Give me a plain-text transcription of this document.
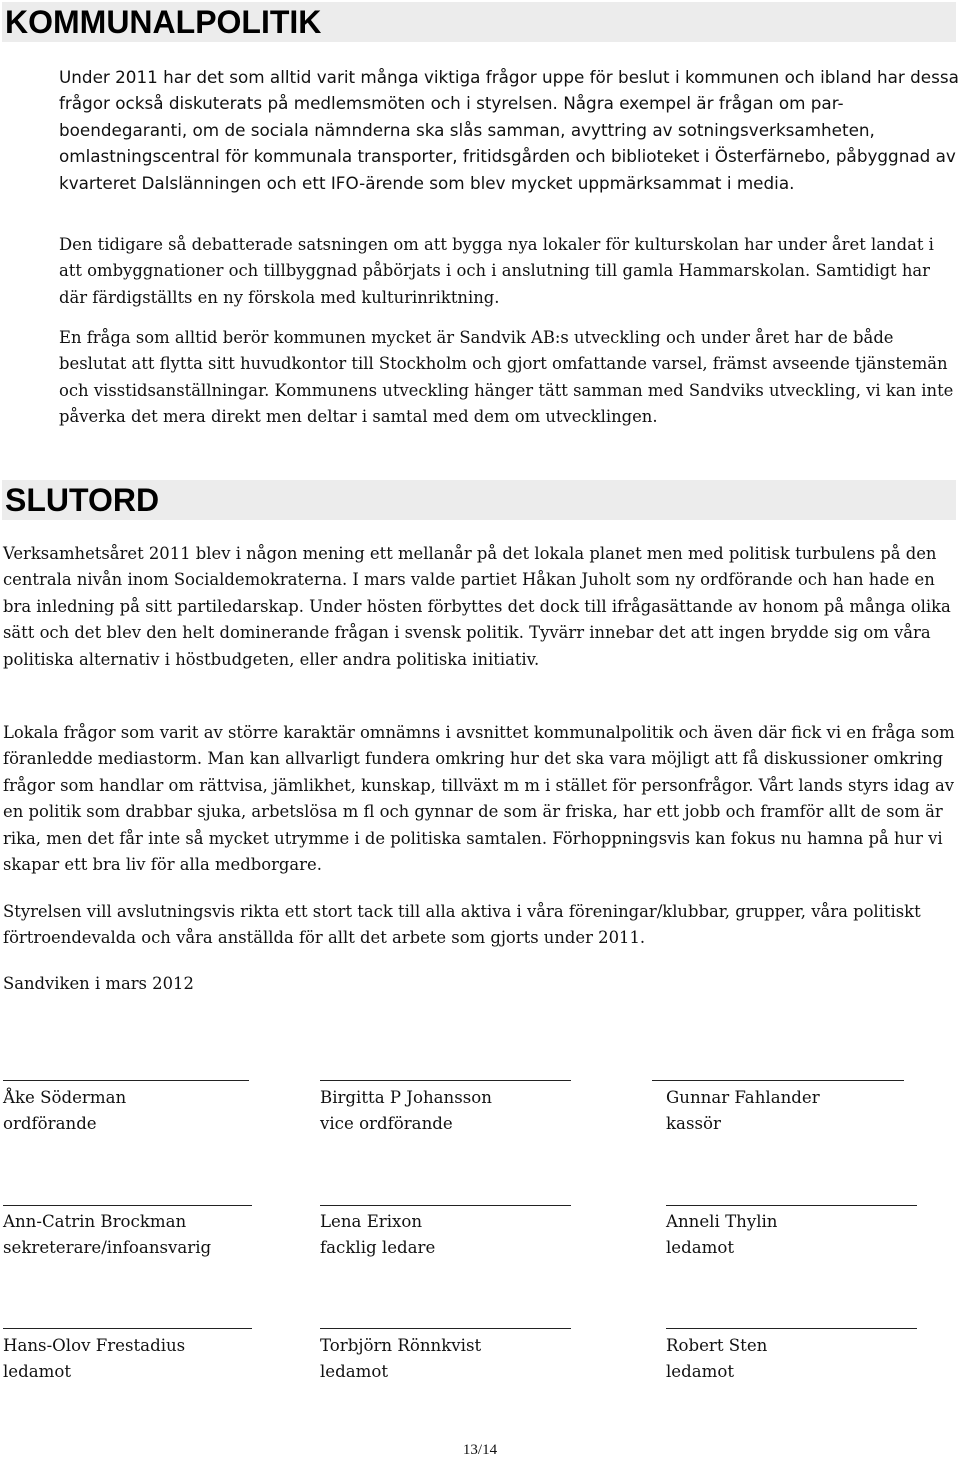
KOMMUNALPOLITIK

Under 2011 har det som alltid varit många viktiga frågor uppe för beslut i kommunen och ibland har dessa frågor också diskuterats på medlemsmöten och i styrelsen. Några exempel är frågan om par-boendegaranti, om de sociala nämnderna ska slås samman, avyttring av sotningsverksamheten, omlastningscentral för kommunala transporter, fritidsgården och biblioteket i Österfärnebo, påbyggnad av kvarteret Dalslänningen och ett IFO-ärende som blev mycket uppmärksammat i media.

Den tidigare så debatterade satsningen om att bygga nya lokaler för kulturskolan har under året landat i att ombyggnationer och tillbyggnad påbörjats i och i anslutning till gamla Hammarskolan. Samtidigt har där färdigställts en ny förskola med kulturinriktning.

En fråga som alltid berör kommunen mycket är Sandvik AB:s utveckling och under året har de både beslutat att flytta sitt huvudkontor till Stockholm och gjort omfattande varsel, främst avseende tjänstemän och visstidsanställningar. Kommunens utveckling hänger tätt samman med Sandviks utveckling, vi kan inte påverka det mera direkt men deltar i samtal med dem om utvecklingen.

SLUTORD

Verksamhetsåret 2011 blev i någon mening ett mellanår på det lokala planet men med politisk turbulens på den centrala nivån inom Socialdemokraterna. I mars valde partiet Håkan Juholt som ny ordförande och han hade en bra inledning på sitt partiledarskap. Under hösten förbyttes det dock till ifrågasättande av honom på många olika sätt och det blev den helt dominerande frågan i svensk politik. Tyvärr innebar det att ingen brydde sig om våra politiska alternativ i höstbudgeten, eller andra politiska initiativ.

Lokala frågor som varit av större karaktär omnämns i avsnittet kommunalpolitik och även där fick vi en fråga som föranledde mediastorm. Man kan allvarligt fundera omkring hur det ska vara möjligt att få diskussioner omkring frågor som handlar om rättvisa, jämlikhet, kunskap, tillväxt m m i stället för personfrågor. Vårt lands styrs idag av en politik som drabbar sjuka, arbetslösa m fl och gynnar de som är friska, har ett jobb och framför allt de som är rika, men det får inte så mycket utrymme i de politiska samtalen. Förhoppningsvis kan fokus nu hamna på hur vi skapar ett bra liv för alla medborgare.

Styrelsen vill avslutningsvis rikta ett stort tack till alla aktiva i våra föreningar/klubbar, grupper, våra politiskt förtroendevalda och våra anställda för allt det arbete som gjorts under 2011.

Sandviken i mars 2012

Åke Söderman
ordförande
Birgitta P Johansson
vice ordförande
Gunnar Fahlander
kassör
Ann-Catrin Brockman
sekreterare/infoansvarig
Lena Erixon
facklig ledare
Anneli Thylin
ledamot
Hans-Olov Frestadius
ledamot
Torbjörn Rönnkvist
ledamot
Robert Sten
ledamot
13/14
